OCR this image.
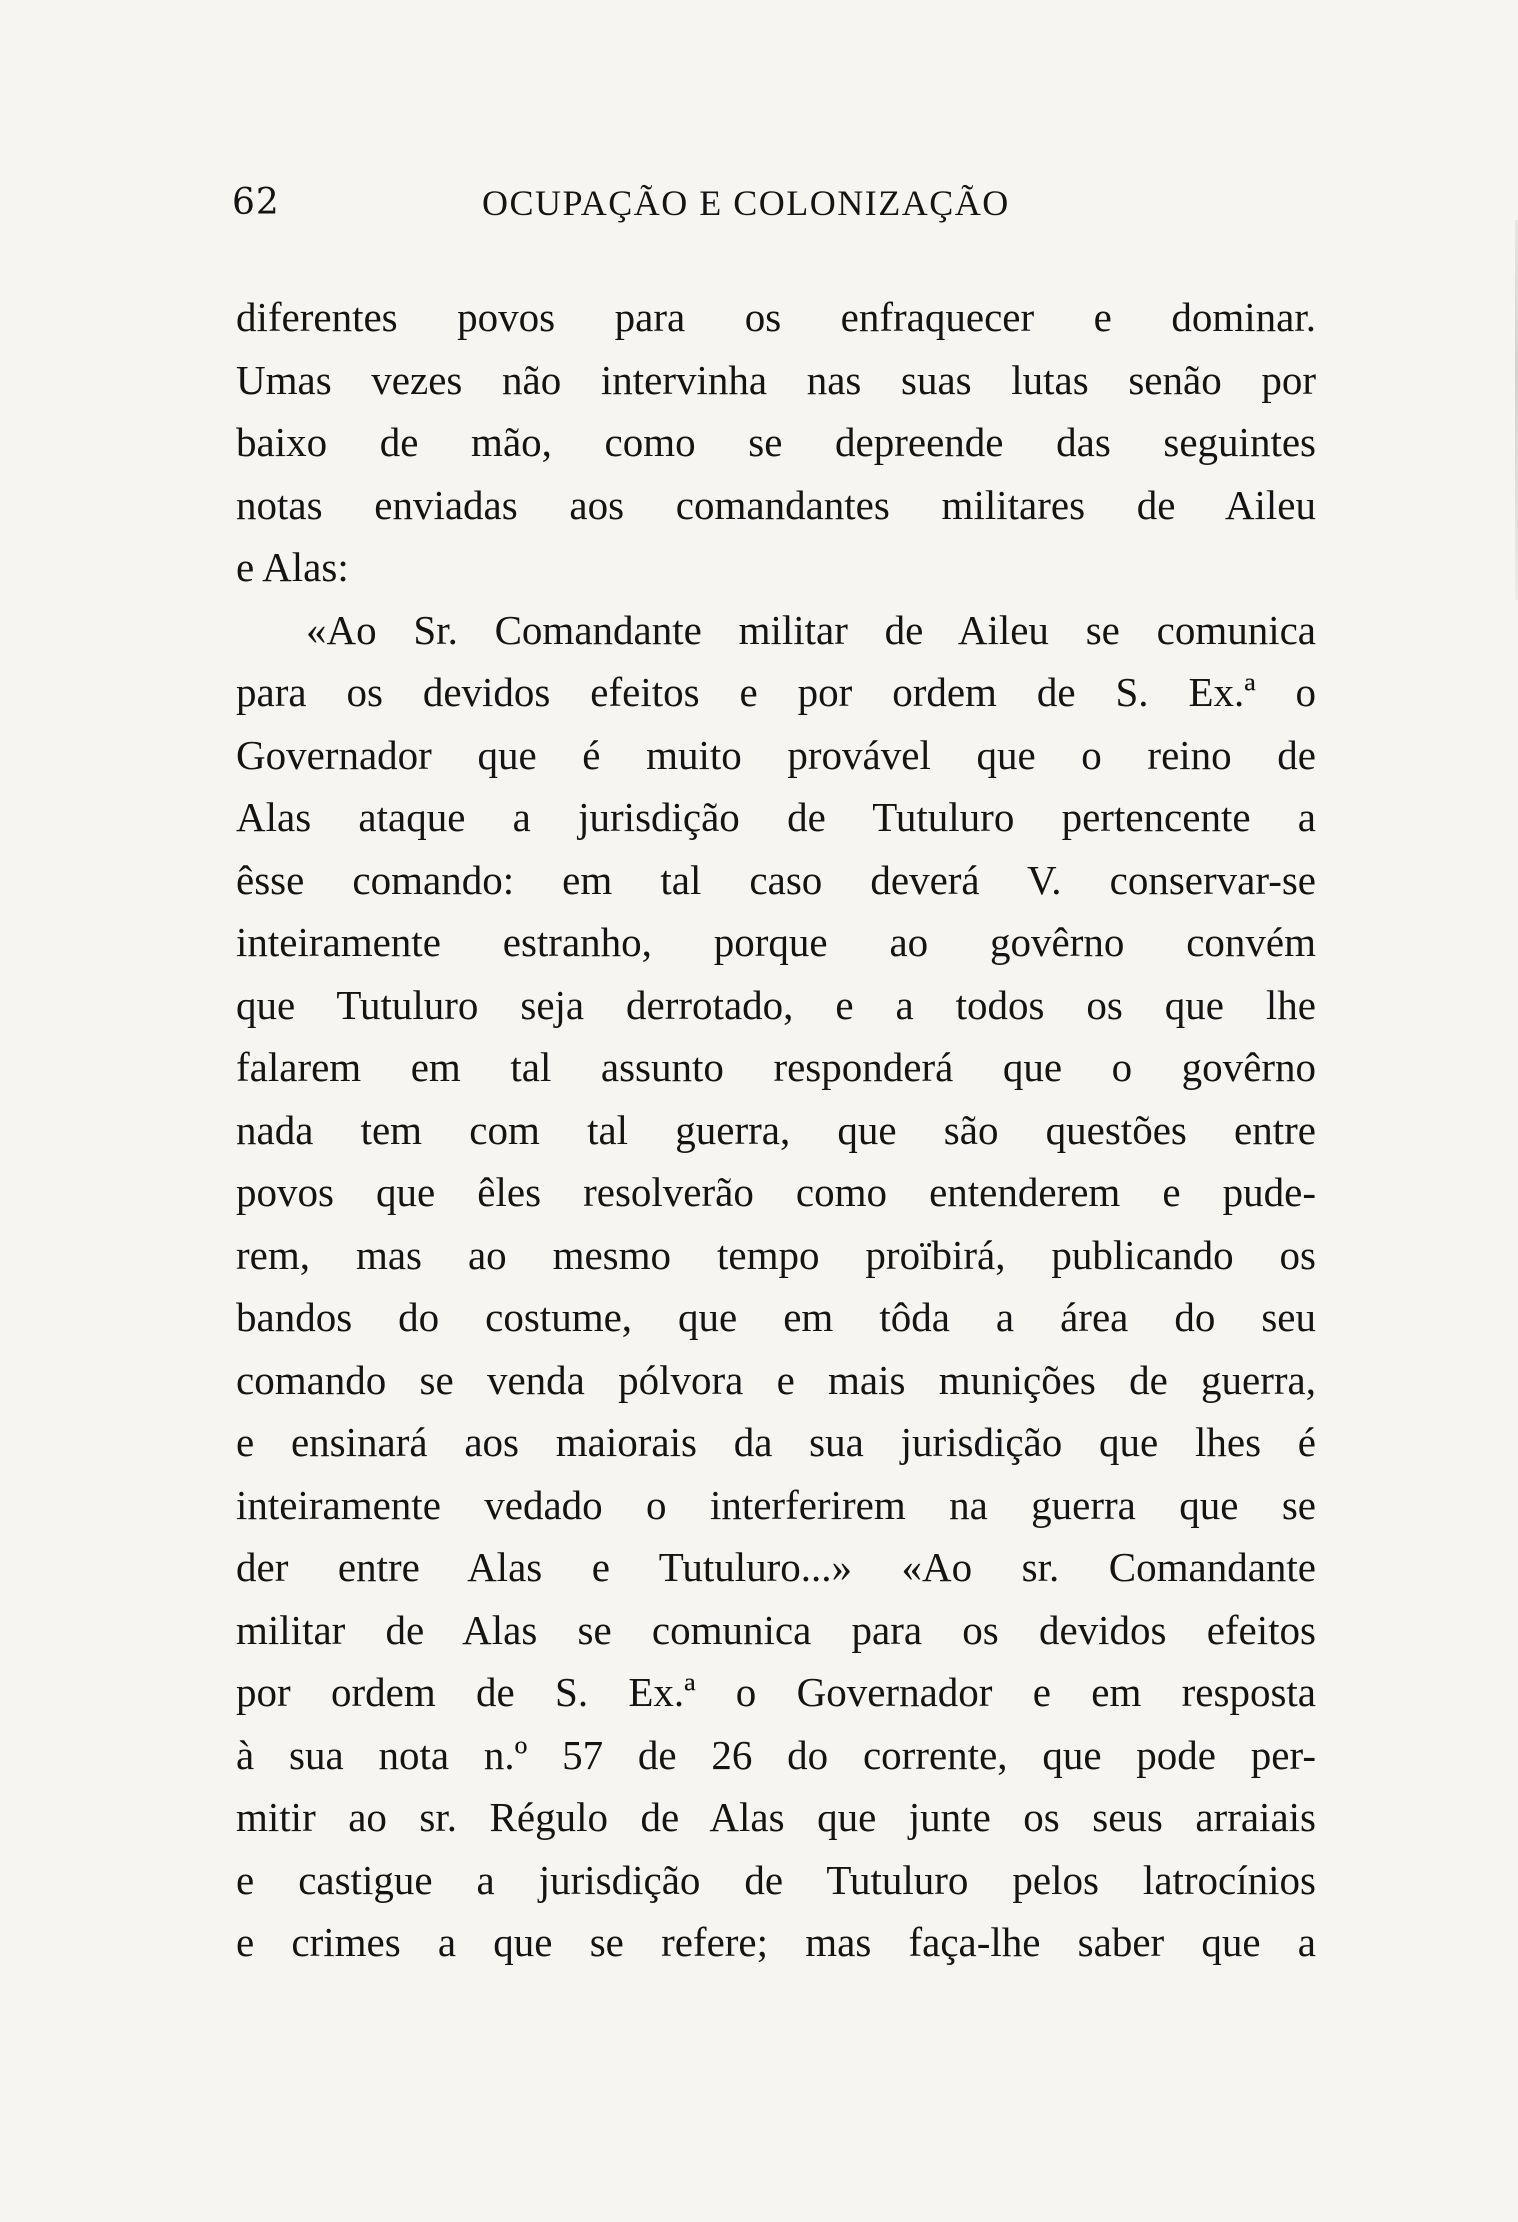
62	OCUPAÇÃO E COLONIZAÇÃO
diferentes povos para os enfraquecer e dominar.
Umas vezes não intervinha nas suas lutas senão por
baixo de mão, como se depreende das seguintes
notas enviadas aos comandantes militares de Aileu
e Alas:
«Ao Sr. Comandante militar de Aileu se comunica
para os devidos efeitos e por ordem de S. Ex.ª o
Governador que é muito provável que o reino de
Alas ataque a jurisdição de Tutuluro pertencente a
êsse comando: em tal caso deverá V. conservar-se
inteiramente estranho, porque ao govêrno convém
que Tutuluro seja derrotado, e a todos os que lhe
falarem em tal assunto responderá que o govêrno
nada tem com tal guerra, que são questões entre
povos que êles resolverão como entenderem e pude-
rem, mas ao mesmo tempo proïbirá, publicando os
bandos do costume, que em tôda a área do seu
comando se venda pólvora e mais munições de guerra,
e ensinará aos maiorais da sua jurisdição que lhes é
inteiramente vedado o interferirem na guerra que se
der entre Alas e Tutuluro...» «Ao sr. Comandante
militar de Alas se comunica para os devidos efeitos
por ordem de S. Ex.ª o Governador e em resposta
à sua nota n.º 57 de 26 do corrente, que pode per-
mitir ao sr. Régulo de Alas que junte os seus arraiais
e castigue a jurisdição de Tutuluro pelos latrocínios
e crimes a que se refere; mas faça-lhe saber que a
